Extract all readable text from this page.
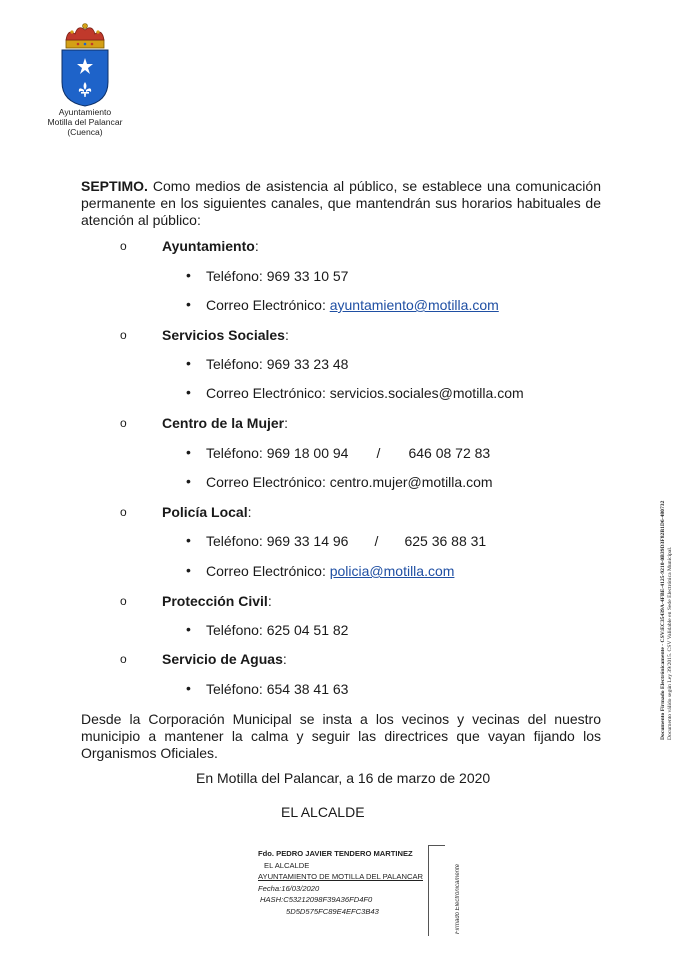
Ayuntamiento
Motilla del Palancar
(Cuenca)
SEPTIMO. Como medios de asistencia al público, se establece una comunicación permanente en los siguientes canales, que mantendrán sus horarios habituales de atención al público:
o	Ayuntamiento:
• Teléfono: 969 33 10 57
• Correo Electrónico: ayuntamiento@motilla.com
o	Servicios Sociales:
• Teléfono: 969 33 23 48
• Correo Electrónico: servicios.sociales@motilla.com
o	Centro de la Mujer:
• Teléfono: 969 18 00 94 / 646 08 72 83
• Correo Electrónico: centro.mujer@motilla.com
o	Policía Local:
• Teléfono: 969 33 14 96 / 625 36 88 31
• Correo Electrónico: policia@motilla.com
o	Protección Civil:
• Teléfono: 625 04 51 82
o	Servicio de Aguas:
• Teléfono: 654 38 41 63
Desde la Corporación Municipal se insta a los vecinos y vecinas del nuestro municipio a mantener la calma y seguir las directrices que vayan fijando los Organismos Oficiales.
En Motilla del Palancar, a 16 de marzo de 2020
EL ALCALDE
Fdo. PEDRO JAVIER TENDERO MARTINEZ
EL ALCALDE
AYUNTAMIENTO DE MOTILLA DEL PALANCAR
Fecha:16/03/2020
HASH:C53212098F39A36FD4F0
5D5D575FC89E4EFC3B43	Firmado Electrónicamente
Documento Firmado Electrónicamente - CSV:EC35439A-4FBE-4125-9210-0B39D3F82B1D6-480732 Documento válido según Ley 39/2015. CSV Validable en Sede Electrónica Municipal.
